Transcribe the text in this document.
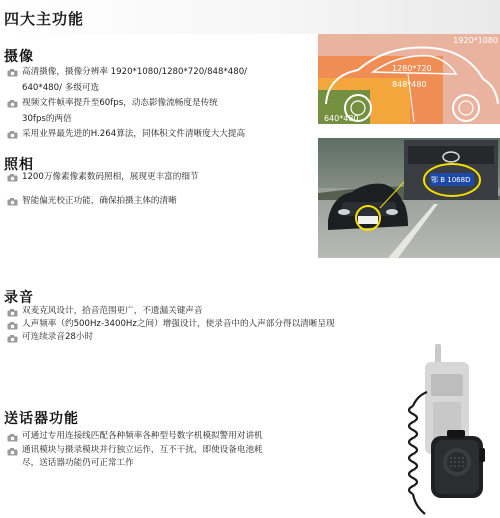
四大主功能
摄像
高清摄像，摄像分辨率 1920*1080/1280*720/848*480/
640*480/ 多级可选
视频文件帧率提升至60fps，动态影像流畅度是传统
30fps的两倍
采用业界最先进的H.264算法，同体积文件清晰度大大提高
1920*1080
1280*720
848*480
640*480
照相
1200万像素像素数码照相，展现更丰富的细节
智能偏光校正功能，确保拍摄主体的清晰
鄂 B 1068D
录音
双麦克风设计，拾音范围更广，不遗漏关键声音
人声频率（约500Hz-3400Hz之间）增强设计，使录音中的人声部分得以清晰呈现
可连续录音28小时
送话器功能
可通过专用连接线匹配各种频率各种型号数字机模拟警用对讲机
通讯模块与摄录模块并行独立运作，互不干扰，即使设备电池耗
尽，送话器功能仍可正常工作
